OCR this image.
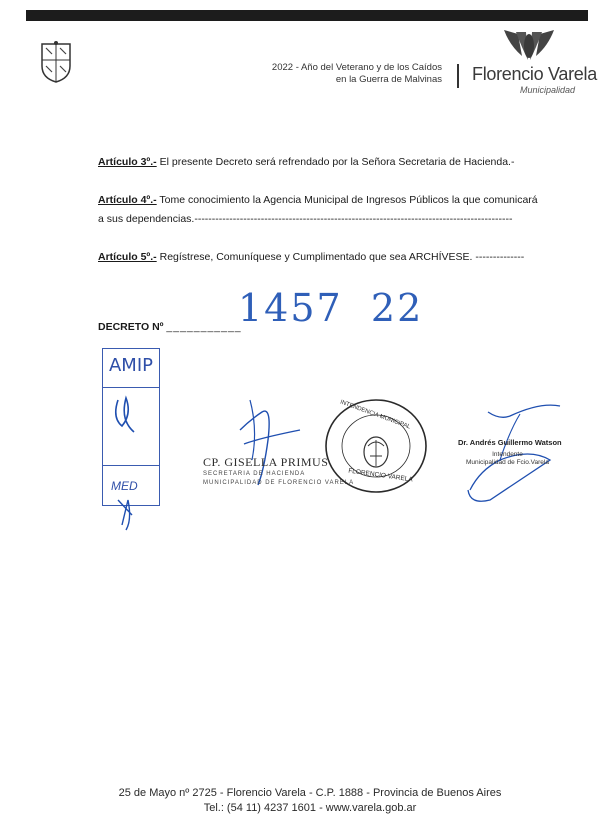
2022 - Año del Veterano y de los Caídos
en la Guerra de Malvinas Florencio Varela
Municipalidad
Artículo 3º.- El presente Decreto será refrendado por la Señora Secretaria de Hacienda.-
Artículo 4º.- Tome conocimiento la Agencia Municipal de Ingresos Públicos la que comunicará
a sus dependencias.-------------------------------------------------------------------------------------------
Artículo 5º.- Regístrese, Comuníquese y Cumplimentado que sea ARCHÍVESE. --------------
DECRETO Nº ___________
1457 22
AMIP
MED
CP. GISELLA PRIMUS
SECRETARIA DE HACIENDA
MUNICIPALIDAD DE FLORENCIO VARELA
INTENDENCIA MUNICIPAL
FLORENCIO VARELA
Dr. Andrés Guillermo Watson
Intendente
Municipalidad de Fcio.Varela
25 de Mayo nº 2725 - Florencio Varela - C.P. 1888 - Provincia de Buenos Aires
Tel.: (54 11) 4237 1601 - www.varela.gob.ar
